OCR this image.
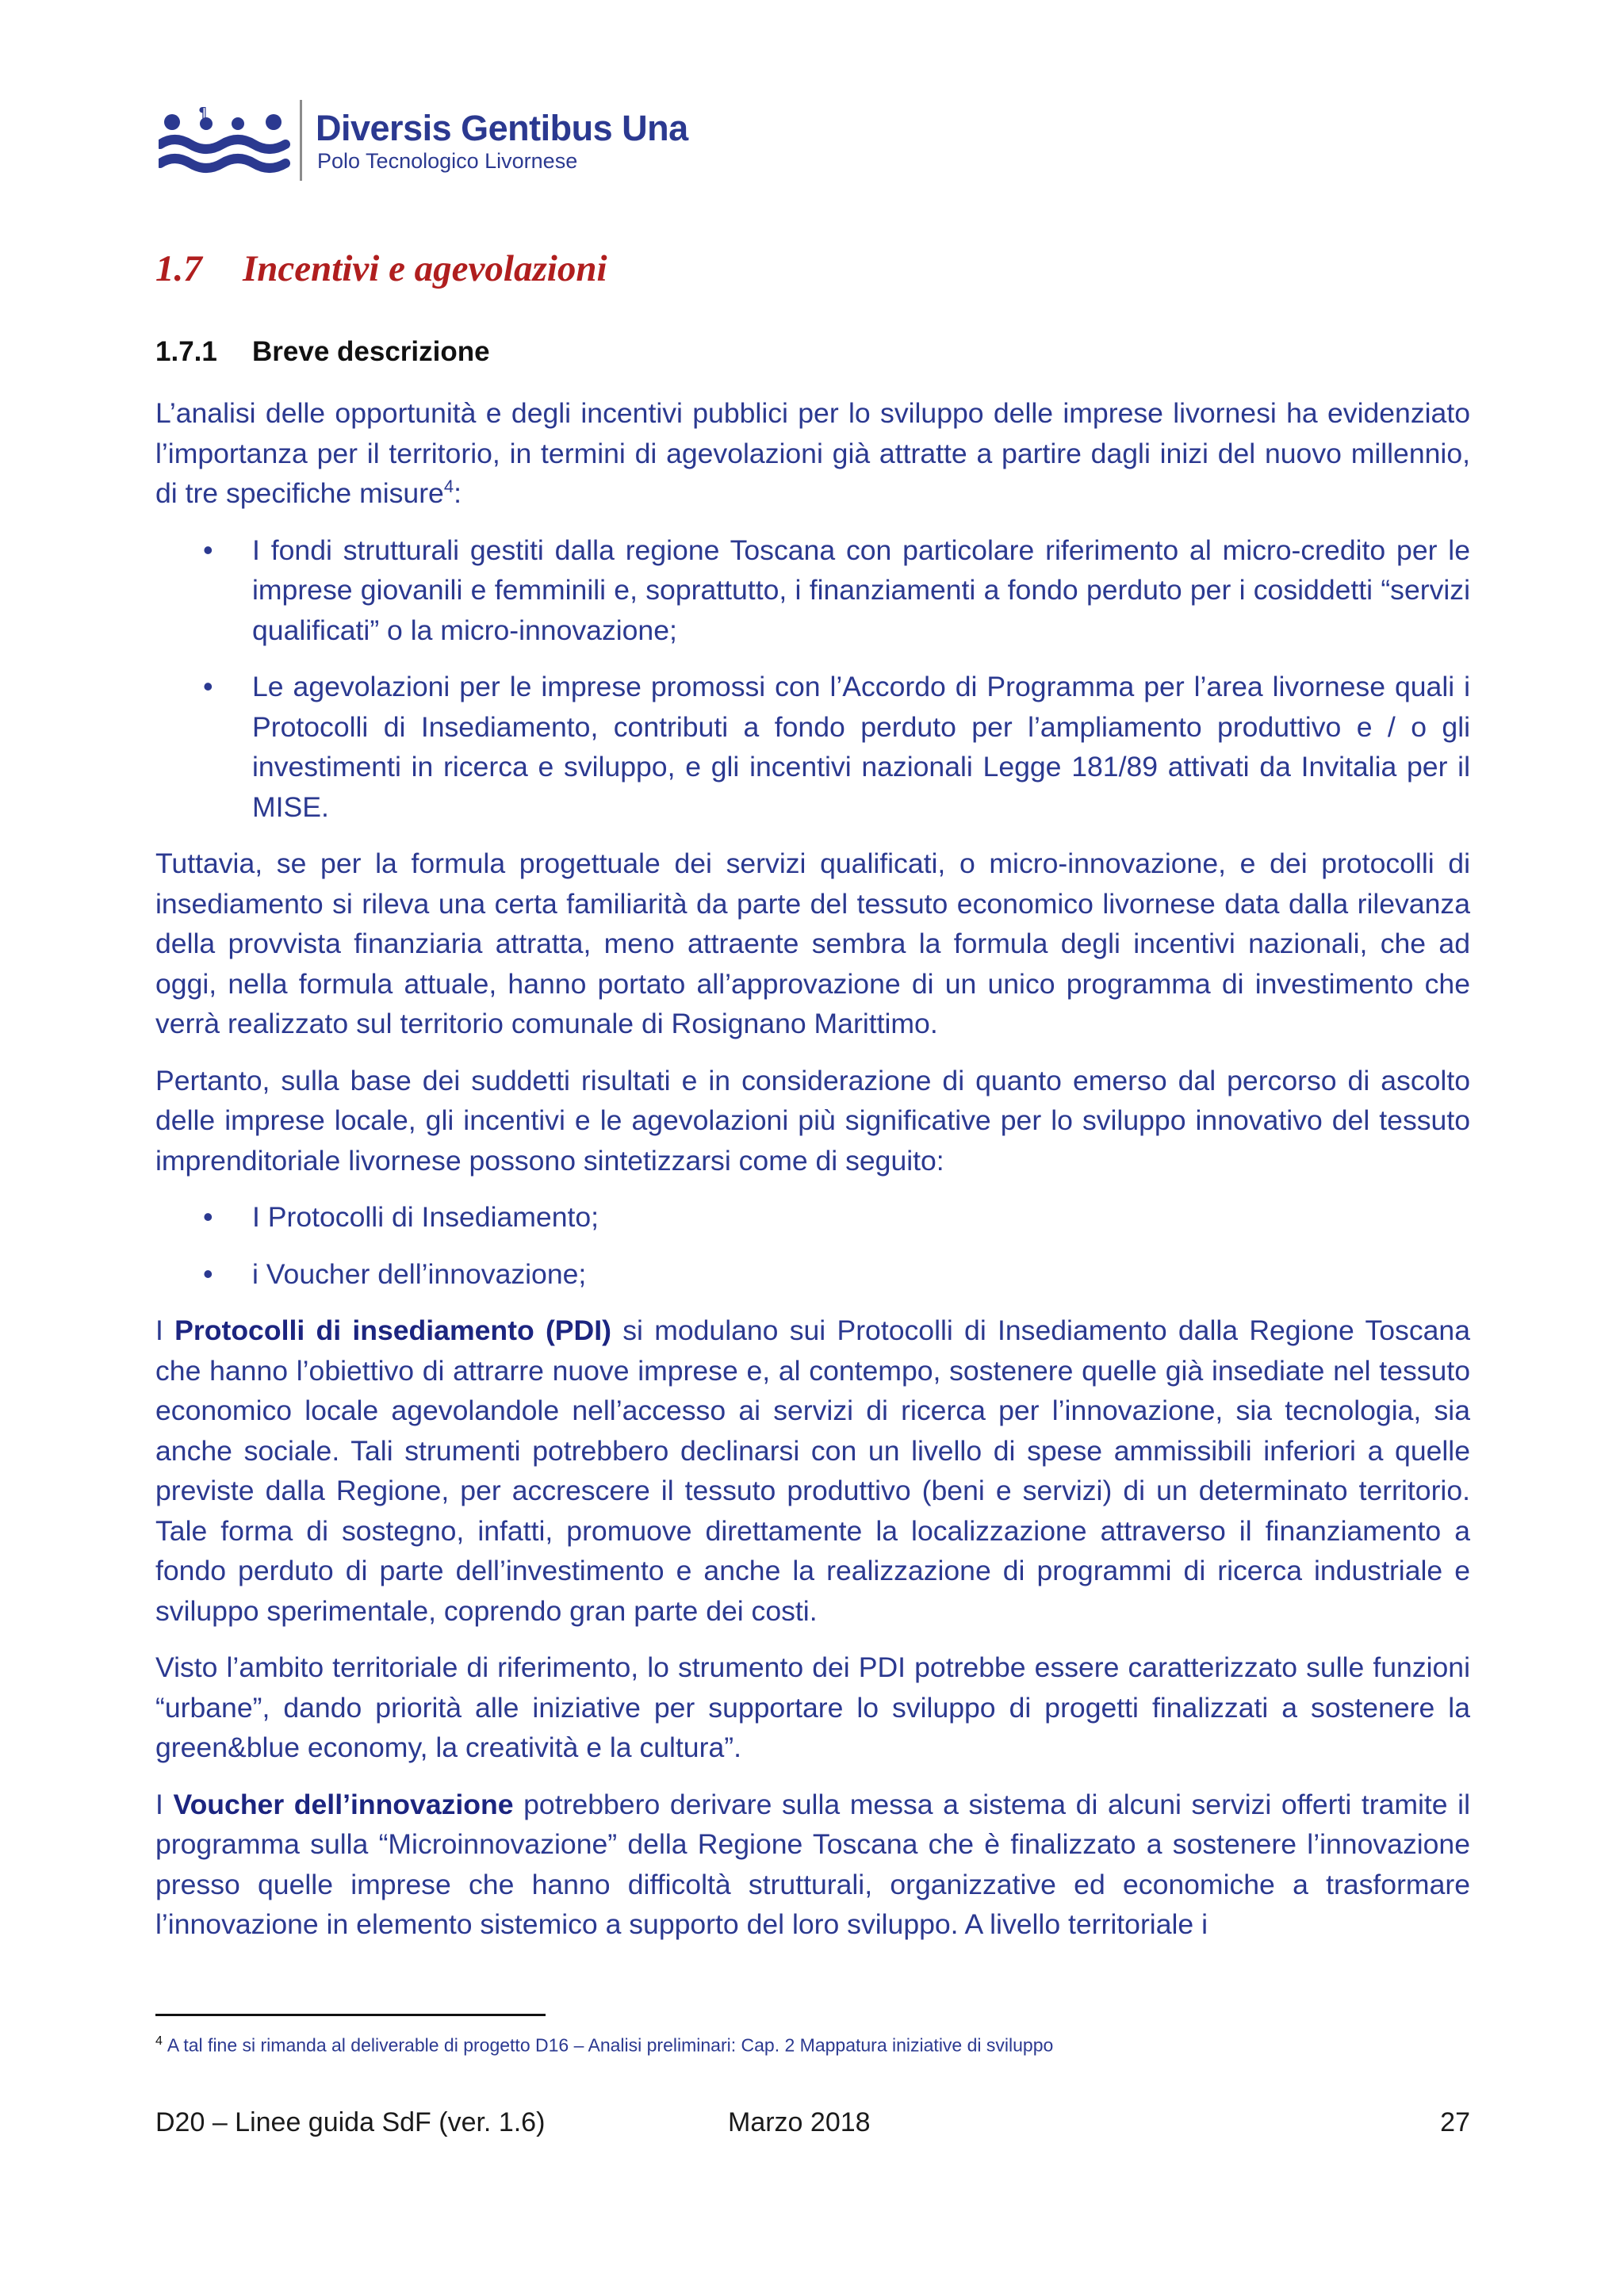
¶	Diversis Gentibus Una
Polo Tecnologico Livornese
1.7 Incentivi e agevolazioni
1.7.1 Breve descrizione

L’analisi delle opportunità e degli incentivi pubblici per lo sviluppo delle imprese livornesi ha evidenziato l’importanza per il territorio, in termini di agevolazioni già attratte a partire dagli inizi del nuovo millennio, di tre specifiche misure$^4$:

• I fondi strutturali gestiti dalla regione Toscana con particolare riferimento al micro-credito per le imprese giovanili e femminili e, soprattutto, i finanziamenti a fondo perduto per i cosiddetti “servizi qualificati” o la micro-innovazione;
• Le agevolazioni per le imprese promossi con l’Accordo di Programma per l’area livornese quali i Protocolli di Insediamento, contributi a fondo perduto per l’ampliamento produttivo e / o gli investimenti in ricerca e sviluppo, e gli incentivi nazionali Legge 181/89 attivati da Invitalia per il MISE.

Tuttavia, se per la formula progettuale dei servizi qualificati, o micro-innovazione, e dei protocolli di insediamento si rileva una certa familiarità da parte del tessuto economico livornese data dalla rilevanza della provvista finanziaria attratta, meno attraente sembra la formula degli incentivi nazionali, che ad oggi, nella formula attuale, hanno portato all’approvazione di un unico programma di investimento che verrà realizzato sul territorio comunale di Rosignano Marittimo.

Pertanto, sulla base dei suddetti risultati e in considerazione di quanto emerso dal percorso di ascolto delle imprese locale, gli incentivi e le agevolazioni più significative per lo sviluppo innovativo del tessuto imprenditoriale livornese possono sintetizzarsi come di seguito:

• I Protocolli di Insediamento;
• i Voucher dell’innovazione;

I Protocolli di insediamento (PDI) si modulano sui Protocolli di Insediamento dalla Regione Toscana che hanno l’obiettivo di attrarre nuove imprese e, al contempo, sostenere quelle già insediate nel tessuto economico locale agevolandole nell’accesso ai servizi di ricerca per l’innovazione, sia tecnologia, sia anche sociale. Tali strumenti potrebbero declinarsi con un livello di spese ammissibili inferiori a quelle previste dalla Regione, per accrescere il tessuto produttivo (beni e servizi) di un determinato territorio. Tale forma di sostegno, infatti, promuove direttamente la localizzazione attraverso il finanziamento a fondo perduto di parte dell’investimento e anche la realizzazione di programmi di ricerca industriale e sviluppo sperimentale, coprendo gran parte dei costi.

Visto l’ambito territoriale di riferimento, lo strumento dei PDI potrebbe essere caratterizzato sulle funzioni “urbane”, dando priorità alle iniziative per supportare lo sviluppo di progetti finalizzati a sostenere la green&blue economy, la creatività e la cultura”.

I Voucher dell’innovazione potrebbero derivare sulla messa a sistema di alcuni servizi offerti tramite il programma sulla “Microinnovazione” della Regione Toscana che è finalizzato a sostenere l’innovazione presso quelle imprese che hanno difficoltà strutturali, organizzative ed economiche a trasformare l’innovazione in elemento sistemico a supporto del loro sviluppo. A livello territoriale i

$^4$ A tal fine si rimanda al deliverable di progetto D16 – Analisi preliminari: Cap. 2 Mappatura iniziative di sviluppo
D20 – Linee guida SdF (ver. 1.6)	Marzo 2018	27
